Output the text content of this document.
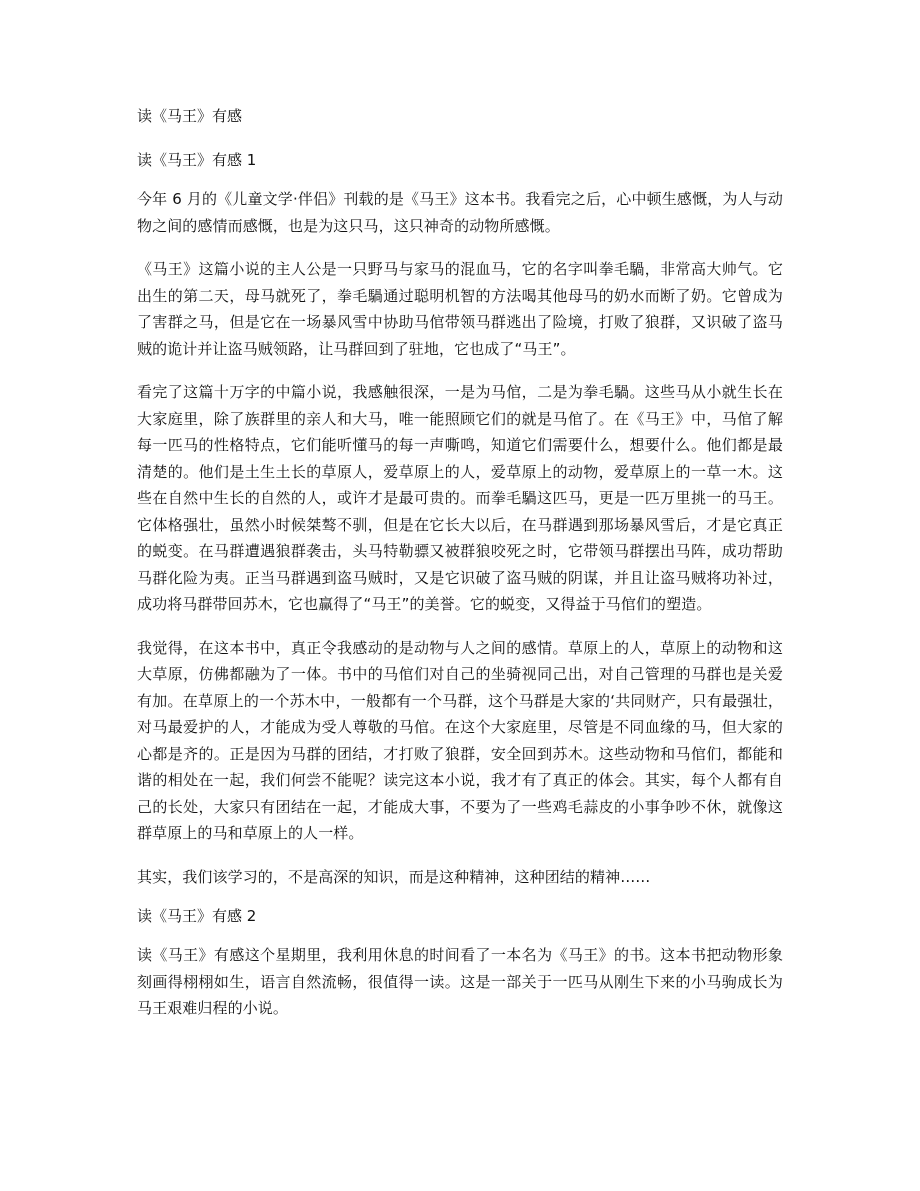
读《马王》有感
读《马王》有感 1

今年 6 月的《儿童文学·伴侣》刊载的是《马王》这本书。我看完之后，心中顿生感慨，为人与动物之间的感情而感慨，也是为这只马，这只神奇的动物所感慨。

《马王》这篇小说的主人公是一只野马与家马的混血马，它的名字叫拳毛騧，非常高大帅气。它出生的第二天，母马就死了，拳毛騧通过聪明机智的方法喝其他母马的奶水而断了奶。它曾成为了害群之马，但是它在一场暴风雪中协助马倌带领马群逃出了险境，打败了狼群，又识破了盗马贼的诡计并让盗马贼领路，让马群回到了驻地，它也成了“马王”。

看完了这篇十万字的中篇小说，我感触很深，一是为马倌，二是为拳毛騧。这些马从小就生长在大家庭里，除了族群里的亲人和大马，唯一能照顾它们的就是马倌了。在《马王》中，马倌了解每一匹马的性格特点，它们能听懂马的每一声嘶鸣，知道它们需要什么，想要什么。他们都是最清楚的。他们是土生土长的草原人，爱草原上的人，爱草原上的动物，爱草原上的一草一木。这些在自然中生长的自然的人，或许才是最可贵的。而拳毛騧这匹马，更是一匹万里挑一的马王。它体格强壮，虽然小时候桀骜不驯，但是在它长大以后，在马群遇到那场暴风雪后，才是它真正的蜕变。在马群遭遇狼群袭击，头马特勒骠又被群狼咬死之时，它带领马群摆出马阵，成功帮助马群化险为夷。正当马群遇到盗马贼时，又是它识破了盗马贼的阴谋，并且让盗马贼将功补过，成功将马群带回苏木，它也赢得了“马王”的美誉。它的蜕变，又得益于马倌们的塑造。

我觉得，在这本书中，真正令我感动的是动物与人之间的感情。草原上的人，草原上的动物和这大草原，仿佛都融为了一体。书中的马倌们对自己的坐骑视同己出，对自己管理的马群也是关爱有加。在草原上的一个苏木中，一般都有一个马群，这个马群是大家的‘共同财产，只有最强壮，对马最爱护的人，才能成为受人尊敬的马倌。在这个大家庭里，尽管是不同血缘的马，但大家的心都是齐的。正是因为马群的团结，才打败了狼群，安全回到苏木。这些动物和马倌们，都能和谐的相处在一起，我们何尝不能呢？读完这本小说，我才有了真正的体会。其实，每个人都有自己的长处，大家只有团结在一起，才能成大事，不要为了一些鸡毛蒜皮的小事争吵不休，就像这群草原上的马和草原上的人一样。

其实，我们该学习的，不是高深的知识，而是这种精神，这种团结的精神……

读《马王》有感 2

读《马王》有感这个星期里，我利用休息的时间看了一本名为《马王》的书。这本书把动物形象刻画得栩栩如生，语言自然流畅，很值得一读。这是一部关于一匹马从刚生下来的小马驹成长为马王艰难归程的小说。
